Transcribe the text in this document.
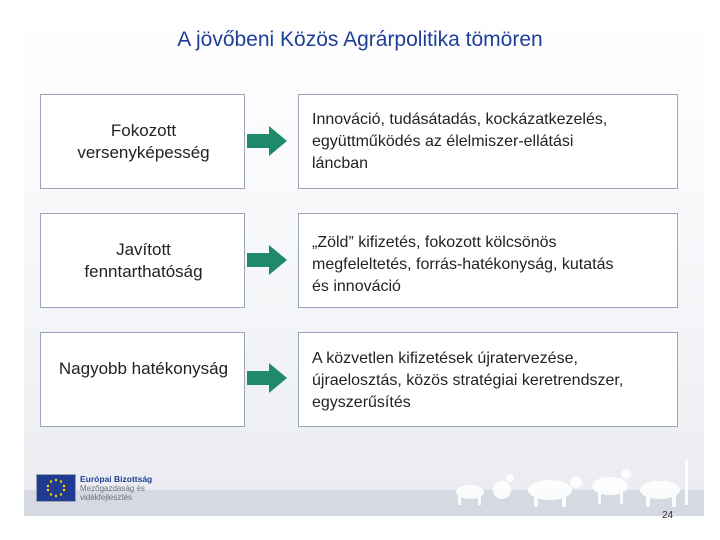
A jövőbeni Közös Agrárpolitika tömören
Fokozott versenyképesség
Innováció, tudásátadás, kockázatkezelés,
együttműködés az élelmiszer-ellátási
láncban
Javított fenntarthatóság
„Zöld” kifizetés, fokozott kölcsönös
megfeleltetés, forrás-hatékonyság, kutatás
és innováció
Nagyobb hatékonyság
A közvetlen kifizetések újratervezése,
újraelosztás, közös stratégiai keretrendszer,
egyszerűsítés
Európai Bizottság
Mezőgazdaság és
vidékfejlesztés
24
